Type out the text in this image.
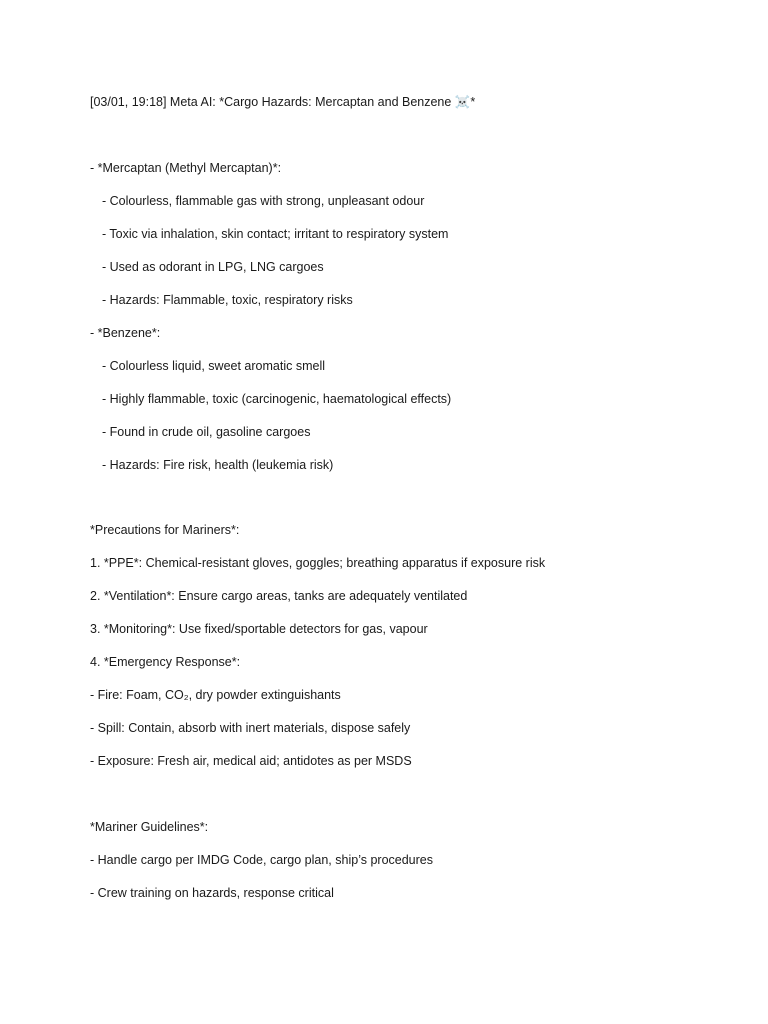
[03/01, 19:18] Meta AI: *Cargo Hazards: Mercaptan and Benzene ☠️*
- *Mercaptan (Methyl Mercaptan)*:
- Colourless, flammable gas with strong, unpleasant odour
- Toxic via inhalation, skin contact; irritant to respiratory system
- Used as odorant in LPG, LNG cargoes
- Hazards: Flammable, toxic, respiratory risks
- *Benzene*:
- Colourless liquid, sweet aromatic smell
- Highly flammable, toxic (carcinogenic, haematological effects)
- Found in crude oil, gasoline cargoes
- Hazards: Fire risk, health (leukemia risk)
*Precautions for Mariners*:
1. *PPE*: Chemical-resistant gloves, goggles; breathing apparatus if exposure risk
2. *Ventilation*: Ensure cargo areas, tanks are adequately ventilated
3. *Monitoring*: Use fixed/sportable detectors for gas, vapour
4. *Emergency Response*:
- Fire: Foam, CO₂, dry powder extinguishants
- Spill: Contain, absorb with inert materials, dispose safely
- Exposure: Fresh air, medical aid; antidotes as per MSDS
*Mariner Guidelines*:
- Handle cargo per IMDG Code, cargo plan, ship’s procedures
- Crew training on hazards, response critical
